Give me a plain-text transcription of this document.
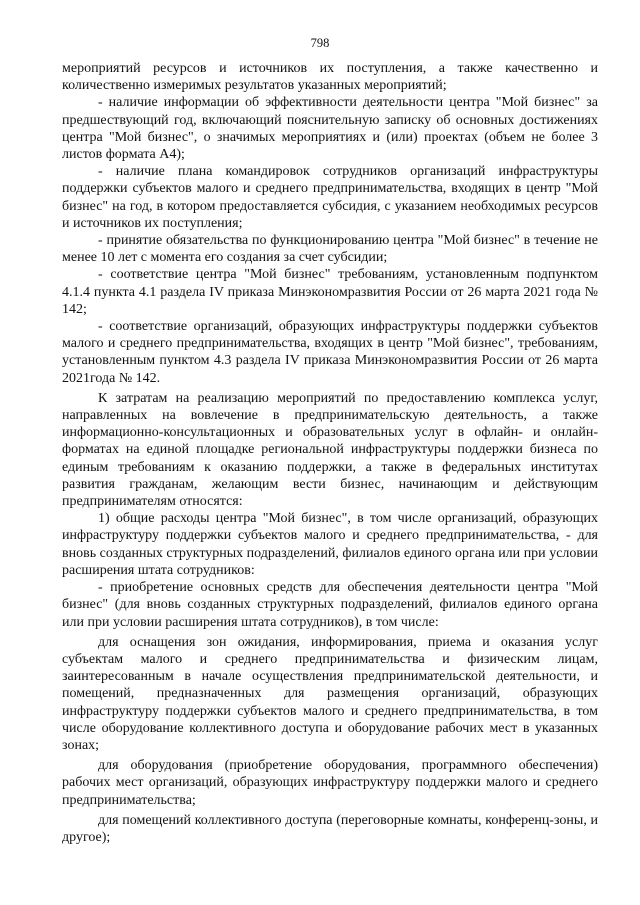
798

мероприятий ресурсов и источников их поступления, а также качественно и количественно измеримых результатов указанных мероприятий;

- наличие информации об эффективности деятельности центра "Мой бизнес" за предшествующий год, включающий пояснительную записку об основных достижениях центра "Мой бизнес", о значимых мероприятиях и (или) проектах (объем не более 3 листов формата А4);

- наличие плана командировок сотрудников организаций инфраструктуры поддержки субъектов малого и среднего предпринимательства, входящих в центр "Мой бизнес" на год, в котором предоставляется субсидия, с указанием необходимых ресурсов и источников их поступления;

- принятие обязательства по функционированию центра "Мой бизнес" в течение не менее 10 лет с момента его создания за счет субсидии;

- соответствие центра "Мой бизнес" требованиям, установленным подпунктом 4.1.4 пункта 4.1 раздела IV приказа Минэкономразвития России от 26 марта 2021 года № 142;

- соответствие организаций, образующих инфраструктуры поддержки субъектов малого и среднего предпринимательства, входящих в центр "Мой бизнес", требованиям, установленным пунктом 4.3 раздела IV приказа Минэкономразвития России от 26 марта 2021года № 142.

К затратам на реализацию мероприятий по предоставлению комплекса услуг, направленных на вовлечение в предпринимательскую деятельность, а также информационно-консультационных и образовательных услуг в офлайн- и онлайн-форматах на единой площадке региональной инфраструктуры поддержки бизнеса по единым требованиям к оказанию поддержки, а также в федеральных институтах развития гражданам, желающим вести бизнес, начинающим и действующим предпринимателям относятся:

1) общие расходы центра "Мой бизнес", в том числе организаций, образующих инфраструктуру поддержки субъектов малого и среднего предпринимательства, - для вновь созданных структурных подразделений, филиалов единого органа или при условии расширения штата сотрудников:

- приобретение основных средств для обеспечения деятельности центра "Мой бизнес" (для вновь созданных структурных подразделений, филиалов единого органа или при условии расширения штата сотрудников), в том числе:

для оснащения зон ожидания, информирования, приема и оказания услуг субъектам малого и среднего предпринимательства и физическим лицам, заинтересованным в начале осуществления предпринимательской деятельности, и помещений, предназначенных для размещения организаций, образующих инфраструктуру поддержки субъектов малого и среднего предпринимательства, в том числе оборудование коллективного доступа и оборудование рабочих мест в указанных зонах;

для оборудования (приобретение оборудования, программного обеспечения) рабочих мест организаций, образующих инфраструктуру поддержки малого и среднего предпринимательства;

для помещений коллективного доступа (переговорные комнаты, конференц-зоны, и другое);
